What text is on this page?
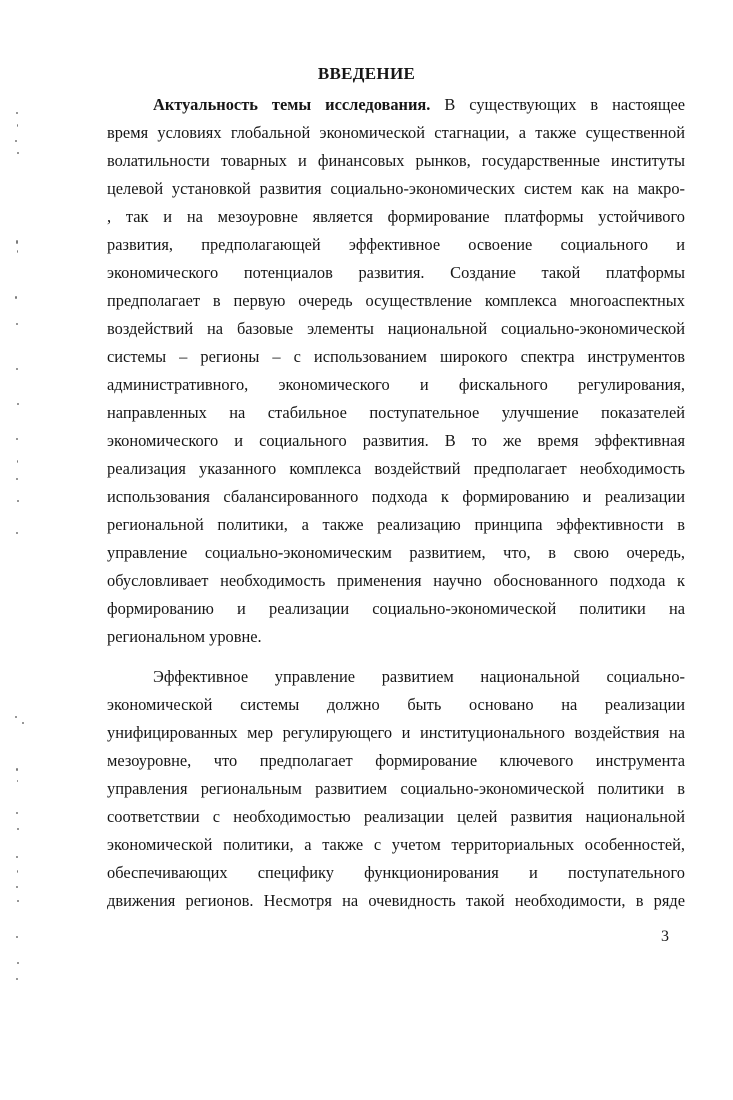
ВВЕДЕНИЕ
Актуальность темы исследования. В существующих в настоящее
время условиях глобальной экономической стагнации, а также существенной
волатильности товарных и финансовых рынков, государственные институты
целевой установкой развития социально-экономических систем как на макро-
, так и на мезоуровне является формирование платформы устойчивого
развития, предполагающей эффективное освоение социального и
экономического потенциалов развития. Создание такой платформы
предполагает в первую очередь осуществление комплекса многоаспектных
воздействий на базовые элементы национальной социально-экономической
системы – регионы – с использованием широкого спектра инструментов
административного, экономического и фискального регулирования,
направленных на стабильное поступательное улучшение показателей
экономического и социального развития. В то же время эффективная
реализация указанного комплекса воздействий предполагает необходимость
использования сбалансированного подхода к формированию и реализации
региональной политики, а также реализацию принципа эффективности в
управление социально-экономическим развитием, что, в свою очередь,
обусловливает необходимость применения научно обоснованного подхода к
формированию и реализации социально-экономической политики на
региональном уровне.
Эффективное управление развитием национальной социально-
экономической системы должно быть основано на реализации
унифицированных мер регулирующего и институционального воздействия на
мезоуровне, что предполагает формирование ключевого инструмента
управления региональным развитием социально-экономической политики в
соответствии с необходимостью реализации целей развития национальной
экономической политики, а также с учетом территориальных особенностей,
обеспечивающих специфику функционирования и поступательного
движения регионов. Несмотря на очевидность такой необходимости, в ряде
3
